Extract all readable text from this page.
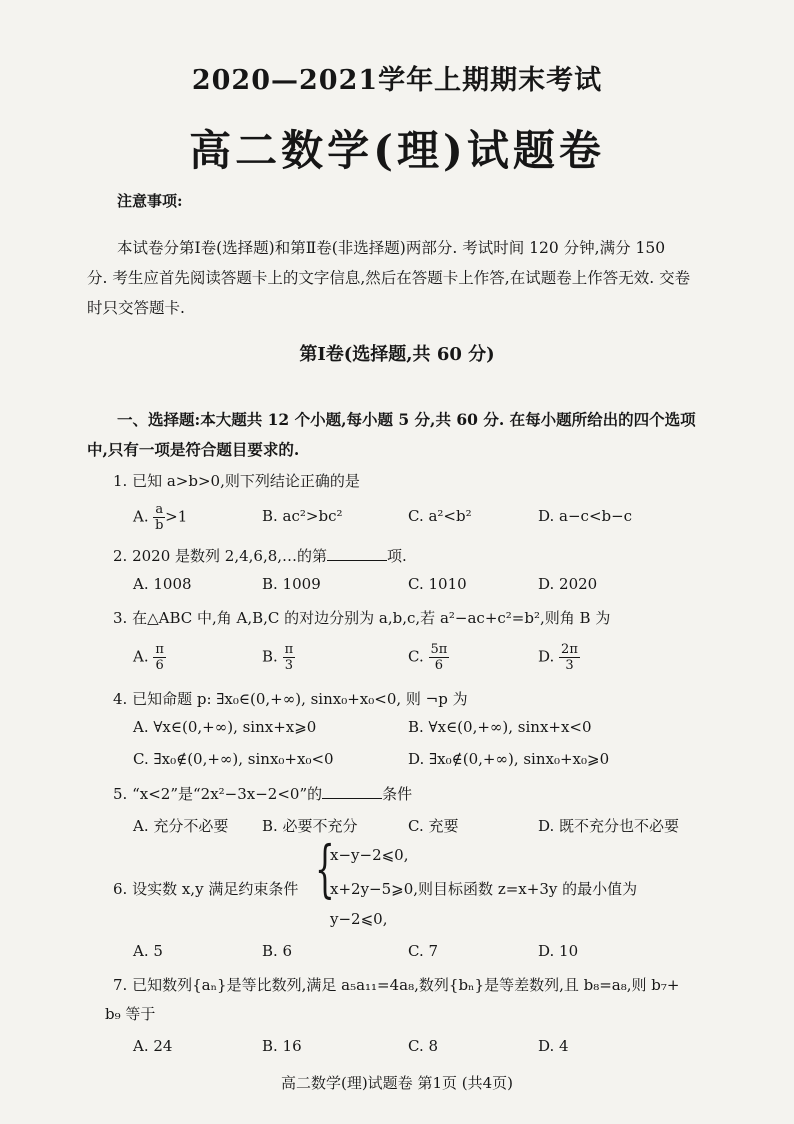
2020—2021学年上期期末考试
高二数学(理)试题卷
注意事项:
本试卷分第Ⅰ卷(选择题)和第Ⅱ卷(非选择题)两部分. 考试时间 120 分钟,满分 150
分. 考生应首先阅读答题卡上的文字信息,然后在答题卡上作答,在试题卷上作答无效. 交卷
时只交答题卡.
第Ⅰ卷(选择题,共 60 分)
一、选择题:本大题共 12 个小题,每小题 5 分,共 60 分. 在每小题所给出的四个选项
中,只有一项是符合题目要求的.
1. 已知 a>b>0,则下列结论正确的是
A. $\frac{a}{b} >1$	B. ac²>bc²	C. a²<b²	D. a−c<b−c
2. 2020 是数列 2,4,6,8,…的第	项.
A. 1008	B. 1009	C. 1010	D. 2020
3. 在△ABC 中,角 A,B,C 的对边分别为 a,b,c,若 a²−ac+c²=b²,则角 B 为
A. $\frac{\pi}{6}$	B. $\frac{\pi}{3}$	C. $\frac{5\pi}{6}$	D. $\frac{2\pi}{3}$
4. 已知命题 p: ∃x₀∈(0,+∞), sinx₀+x₀<0, 则 ¬p 为
A. ∀x∈(0,+∞), sinx+x⩾0	B. ∀x∈(0,+∞), sinx+x<0
C. ∃x₀∉(0,+∞), sinx₀+x₀<0	D. ∃x₀∉(0,+∞), sinx₀+x₀⩾0
5. “x<2”是“2x²−3x−2<0”的	条件
A. 充分不必要 B. 必要不充分	C. 充要	D. 既不充分也不必要
6. 设实数 x,y 满足约束条件 {
x−y−2⩽0,
x+2y−5⩾0,则目标函数 z=x+3y 的最小值为
y−2⩽0,
A. 5	B. 6	C. 7	D. 10
7. 已知数列{aₙ}是等比数列,满足 a₅a₁₁=4a₈,数列{bₙ}是等差数列,且 b₈=a₈,则 b₇+
b₉ 等于
A. 24	B. 16	C. 8	D. 4
高二数学(理)试题卷 第1页 (共4页)
